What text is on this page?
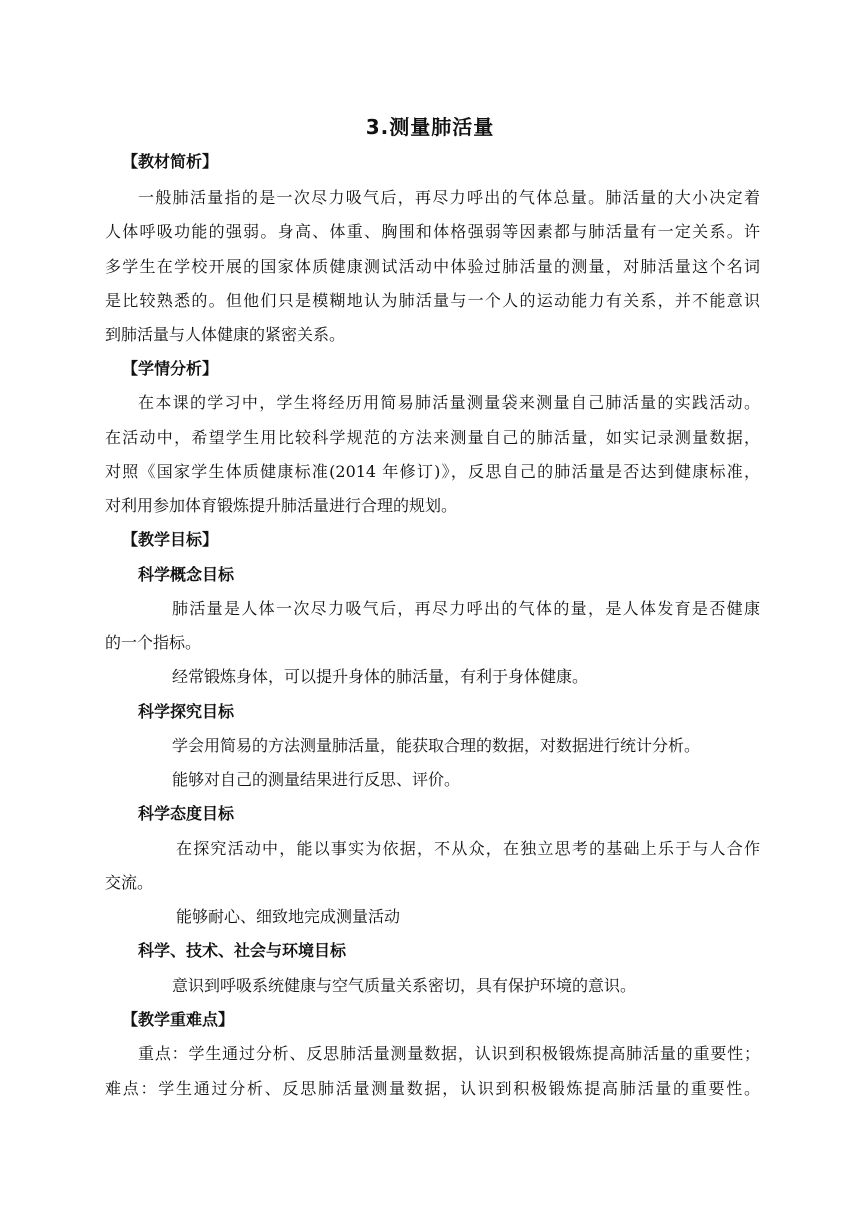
3.测量肺活量
【教材简析】
一般肺活量指的是一次尽力吸气后，再尽力呼出的气体总量。肺活量的大小决定着
人体呼吸功能的强弱。身高、体重、胸围和体格强弱等因素都与肺活量有一定关系。许
多学生在学校开展的国家体质健康测试活动中体验过肺活量的测量，对肺活量这个名词
是比较熟悉的。但他们只是模糊地认为肺活量与一个人的运动能力有关系，并不能意识
到肺活量与人体健康的紧密关系。
【学情分析】
在本课的学习中，学生将经历用简易肺活量测量袋来测量自己肺活量的实践活动。
在活动中，希望学生用比较科学规范的方法来测量自己的肺活量，如实记录测量数据，
对照《国家学生体质健康标准(2014 年修订)》，反思自己的肺活量是否达到健康标准，
对利用参加体育锻炼提升肺活量进行合理的规划。
【教学目标】
科学概念目标
肺活量是人体一次尽力吸气后，再尽力呼出的气体的量，是人体发育是否健康
的一个指标。
经常锻炼身体，可以提升身体的肺活量，有利于身体健康。
科学探究目标
学会用简易的方法测量肺活量，能获取合理的数据，对数据进行统计分析。
能够对自己的测量结果进行反思、评价。
科学态度目标
在探究活动中，能以事实为依据，不从众，在独立思考的基础上乐于与人合作
交流。
能够耐心、细致地完成测量活动
科学、技术、社会与环境目标
意识到呼吸系统健康与空气质量关系密切，具有保护环境的意识。
【教学重难点】
重点：学生通过分析、反思肺活量测量数据，认识到积极锻炼提高肺活量的重要性；
难点：学生通过分析、反思肺活量测量数据，认识到积极锻炼提高肺活量的重要性。
